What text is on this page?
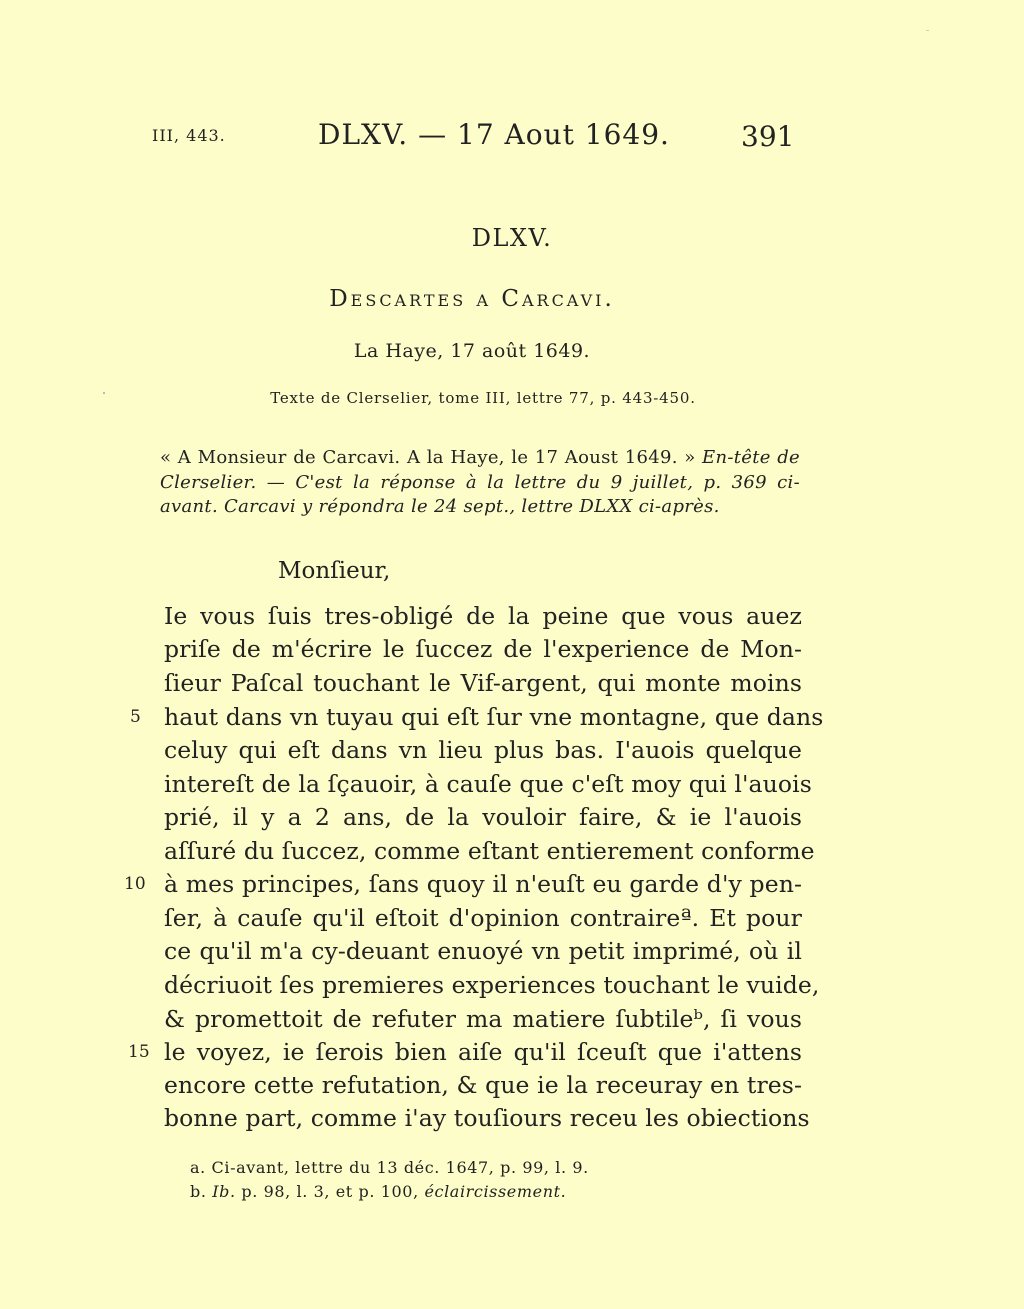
III, 443.	DLXV. — 17 Aout 1649.	391
DLXV.
Descartes a Carcavi.
La Haye, 17 août 1649.
Texte de Clerselier, tome III, lettre 77, p. 443-450.
« A Monsieur de Carcavi. A la Haye, le 17 Aoust 1649. » En-tête de Clerselier. — C'est la réponse à la lettre du 9 juillet, p. 369 ci-avant. Carcavi y répondra le 24 sept., lettre DLXX ci-après.
Monſieur,
Ie vous ſuis tres-obligé de la peine que vous auez
priſe de m'écrire le ſuccez de l'experience de Mon-
ſieur Paſcal touchant le Vif-argent, qui monte moins
haut dans vn tuyau qui eſt ſur vne montagne, que dans
celuy qui eſt dans vn lieu plus bas. I'auois quelque
intereſt de la ſçauoir, à cauſe que c'eſt moy qui l'auois
prié, il y a 2 ans, de la vouloir faire, & ie l'auois
aſſuré du ſuccez, comme eſtant entierement conforme
à mes principes, ſans quoy il n'euſt eu garde d'y pen-
ſer, à cauſe qu'il eſtoit d'opinion contraireª. Et pour
ce qu'il m'a cy-deuant enuoyé vn petit imprimé, où il
décriuoit ſes premieres experiences touchant le vuide,
& promettoit de refuter ma matiere ſubtileᵇ, ſi vous
le voyez, ie ſerois bien aiſe qu'il ſceuſt que i'attens
encore cette refutation, & que ie la receuray en tres-
bonne part, comme i'ay touſiours receu les obiections
5
10
15
a. Ci-avant, lettre du 13 déc. 1647, p. 99, l. 9.
b. Ib. p. 98, l. 3, et p. 100, éclaircissement.
